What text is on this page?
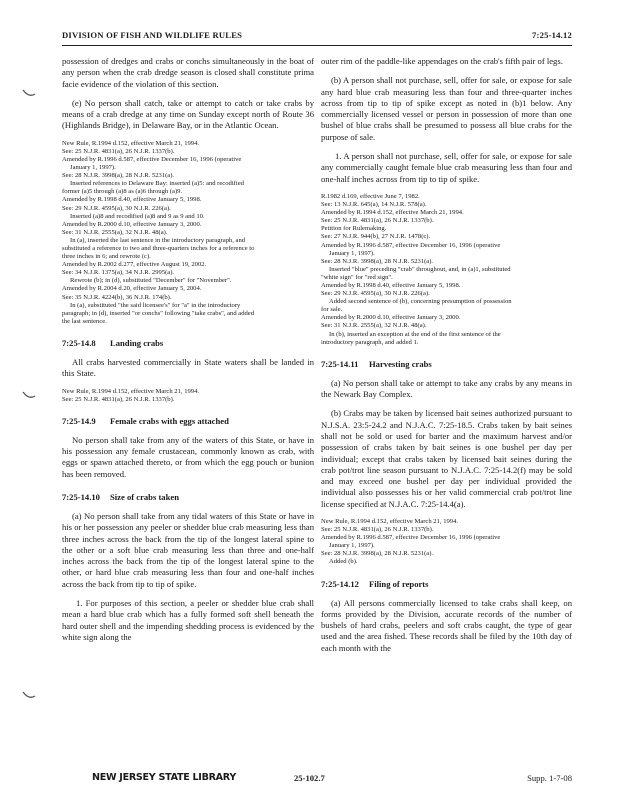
DIVISION OF FISH AND WILDLIFE RULES	7:25-14.12

possession of dredges and crabs or conchs simultaneously in the boat of any person when the crab dredge season is closed shall constitute prima facie evidence of the violation of this section.

(e) No person shall catch, take or attempt to catch or take crabs by means of a crab dredge at any time on Sunday except north of Route 36 (Highlands Bridge), in Delaware Bay, or in the Atlantic Ocean.

New Rule, R.1994 d.152, effective March 21, 1994.
See: 25 N.J.R. 4831(a), 26 N.J.R. 1337(b).
Amended by R.1996 d.587, effective December 16, 1996 (operative
January 1, 1997).
See: 28 N.J.R. 3998(a), 28 N.J.R. 5231(a).
Inserted references to Delaware Bay: inserted (a)5: and recodified
former (a)5 through (a)8 as (a)6 through (a)9.
Amended by R.1998 d.40, effective January 5, 1998.
See: 29 N.J.R. 4595(a), 30 N.J.R. 226(a).
Inserted (a)8 and recodified (a)8 and 9 as 9 and 10.
Amended by R.2000 d.10, effective January 3, 2000.
See: 31 N.J.R. 2555(a), 32 N.J.R. 48(a).
In (a), inserted the last sentence in the introductory paragraph, and
substituted a reference to two and three-quarters inches for a reference to
three inches in 6; and rewrote (c).
Amended by R.2002 d.277, effective August 19, 2002.
See: 34 N.J.R. 1375(a), 34 N.J.R. 2995(a).
Rewrote (b); in (d), substituted "December" for "November".
Amended by R.2004 d.20, effective January 5, 2004.
See: 35 N.J.R. 4224(b), 36 N.J.R. 174(b).
In (a), substituted "the said licensee's" for "a" in the introductory
paragraph; in (d), inserted "or conchs" following "take crabs", and added
the last sentence.
7:25-14.8 Landing crabs

All crabs harvested commercially in State waters shall be landed in this State.

New Rule, R.1994 d.152, effective March 21, 1994.
See: 25 N.J.R. 4831(a), 26 N.J.R. 1337(b).
7:25-14.9 Female crabs with eggs attached

No person shall take from any of the waters of this State, or have in his possession any female crustacean, commonly known as crab, with eggs or spawn attached thereto, or from which the egg pouch or bunion has been removed.

7:25-14.10 Size of crabs taken

(a) No person shall take from any tidal waters of this State or have in his or her possession any peeler or shedder blue crab measuring less than three inches across the back from the tip of the longest lateral spine to the other or a soft blue crab measuring less than three and one-half inches across the back from the tip of the longest lateral spine to the other, or hard blue crab measuring less than four and one-half inches across the back from tip to tip of spike.

1. For purposes of this section, a peeler or shedder blue crab shall mean a hard blue crab which has a fully formed soft shell beneath the hard outer shell and the impending shedding process is evidenced by the white sign along the

outer rim of the paddle-like appendages on the crab's fifth pair of legs.

(b) A person shall not purchase, sell, offer for sale, or expose for sale any hard blue crab measuring less than four and three-quarter inches across from tip to tip of spike except as noted in (b)1 below. Any commercially licensed vessel or person in possession of more than one bushel of blue crabs shall be presumed to possess all blue crabs for the purpose of sale.

1. A person shall not purchase, sell, offer for sale, or expose for sale any commercially caught female blue crab measuring less than four and one-half inches across from tip to tip of spike.

R.1982 d.169, effective June 7, 1982.
See: 13 N.J.R. 645(a), 14 N.J.R. 578(a).
Amended by R.1994 d.152, effective March 21, 1994.
See: 25 N.J.R. 4831(a), 26 N.J.R. 1337(b).
Petition for Rulemaking.
See: 27 N.J.R. 944(b), 27 N.J.R. 1478(c).
Amended by R.1996 d.587, effective December 16, 1996 (operative
January 1, 1997).
See: 28 N.J.R. 3998(a), 28 N.J.R. 5231(a).
Inserted "blue" preceding "crab" throughout, and, in (a)1, substituted
"white sign" for "red sign".
Amended by R.1998 d.40, effective January 5, 1998.
See: 29 N.J.R. 4595(a), 30 N.J.R. 226(a).
Added second sentence of (b), concerning presumption of possession
for sale.
Amended by R.2000 d.10, effective January 3, 2000.
See: 31 N.J.R. 2555(a), 32 N.J.R. 48(a).
In (b), inserted an exception at the end of the first sentence of the
introductory paragraph, and added 1.
7:25-14.11 Harvesting crabs

(a) No person shall take or attempt to take any crabs by any means in the Newark Bay Complex.

(b) Crabs may be taken by licensed bait seines authorized pursuant to N.J.S.A. 23:5-24.2 and N.J.A.C. 7:25-18.5. Crabs taken by bait seines shall not be sold or used for barter and the maximum harvest and/or possession of crabs taken by bait seines is one bushel per day per individual; except that crabs taken by licensed bait seines during the crab pot/trot line season pursuant to N.J.A.C. 7:25-14.2(f) may be sold and may exceed one bushel per day per individual provided the individual also possesses his or her valid commercial crab pot/trot line license specified at N.J.A.C. 7:25-14.4(a).

New Rule, R.1994 d.152, effective March 21, 1994.
See: 25 N.J.R. 4831(a), 26 N.J.R. 1337(b).
Amended by R.1996 d.587, effective December 16, 1996 (operative
January 1, 1997).
See: 28 N.J.R. 3998(a), 28 N.J.R. 5231(a).
Added (b).
7:25-14.12 Filing of reports

(a) All persons commercially licensed to take crabs shall keep, on forms provided by the Division, accurate records of the number of bushels of hard crabs, peelers and soft crabs caught, the type of gear used and the area fished. These records shall be filed by the 10th day of each month with the

NEW JERSEY STATE LIBRARY	25-102.7	Supp. 1-7-08
